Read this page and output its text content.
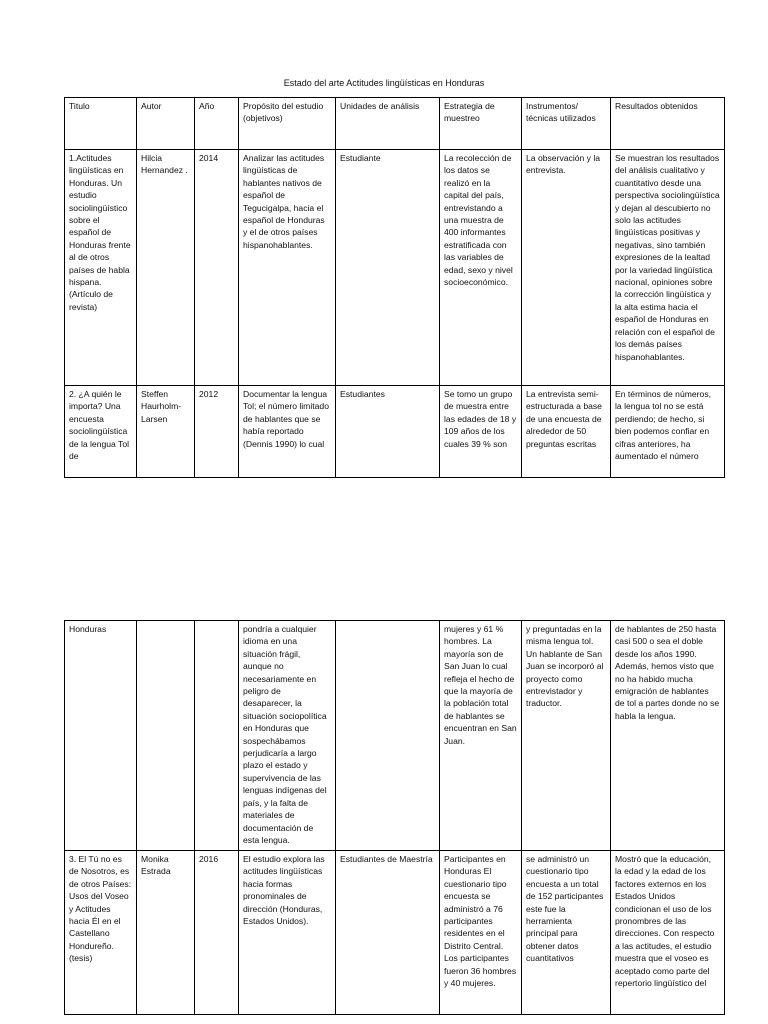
Estado del arte Actitudes lingüísticas en Honduras
Titulo	Autor	Año	Propósito del estudio (objetivos)	Unidades de análisis	Estrategia de muestreo	Instrumentos/ técnicas utilizados	Resultados obtenidos
1.Actitudes lingüísticas en Honduras. Un estudio sociolingüístico sobre el español de Honduras frente al de otros países de habla hispana. (Artículo de revista)	Hilcia Hernandez .	2014	Analizar las actitudes lingüísticas de hablantes nativos de español de Tegucigalpa, hacia el español de Honduras y el de otros países hispanohablantes.	Estudiante	La recolección de los datos se realizó en la capital del país, entrevistando a una muestra de 400 informantes estratificada con las variables de edad, sexo y nivel socioeconómico.	La observación y la entrevista.	Se muestran los resultados del análisis cualitativo y cuantitativo desde una perspectiva sociolingüística y dejan al descubierto no solo las actitudes lingüísticas positivas y negativas, sino también expresiones de la lealtad por la variedad lingüística nacional, opiniones sobre la corrección lingüística y la alta estima hacia el español de Honduras en relación con el español de los demás países hispanohablantes.
2. ¿A quién le importa? Una encuesta sociolingüística de la lengua Tol de	Steffen Haurholm-Larsen	2012	Documentar la lengua Tol; el número limitado de hablantes que se había reportado (Dennis 1990) lo cual	Estudiantes	Se tomo un grupo de muestra entre las edades de 18 y 109 años de los cuales 39 % son	La entrevista semi-estructurada a base de una encuesta de alrededor de 50 preguntas escritas	En términos de números, la lengua tol no se está perdiendo; de hecho, si bien podemos confiar en cifras anteriores, ha aumentado el número
Honduras			pondría a cualquier idioma en una situación frágil, aunque no necesariamente en peligro de desaparecer, la situación sociopolítica en Honduras que sospechábamos perjudicaría a largo plazo el estado y supervivencia de las lenguas indígenas del país, y la falta de materiales de documentación de esta lengua.		mujeres y 61 % hombres. La mayoría son de San Juan lo cual refleja el hecho de que la mayoría de la población total de hablantes se encuentran en San Juan.	y preguntadas en la misma lengua tol. Un hablante de San Juan se incorporó al proyecto como entrevistador y traductor.	de hablantes de 250 hasta casi 500 o sea el doble desde los años 1990. Además, hemos visto que no ha habido mucha emigración de hablantes de tol a partes donde no se habla la lengua.
3. El Tú no es de Nosotros, es de otros Países: Usos del Voseo y Actitudes hacia Él en el Castellano Hondureño. (tesis)	Monika Estrada	2016	El estudio explora las actitudes lingüísticas hacia formas pronominales de dirección (Honduras, Estados Unidos).	Estudiantes de Maestría	Participantes en Honduras El cuestionario tipo encuesta se administró a 76 participantes residentes en el Distrito Central. Los participantes fueron 36 hombres y 40 mujeres.	se administró un cuestionario tipo encuesta a un total de 152 participantes este fue la herramienta principal para obtener datos cuantitativos	Mostró que la educación, la edad y la edad de los factores externos en los Estados Unidos condicionan el uso de los pronombres de las direcciones. Con respecto a las actitudes, el estudio muestra que el voseo es aceptado como parte del repertorio lingüístico del
